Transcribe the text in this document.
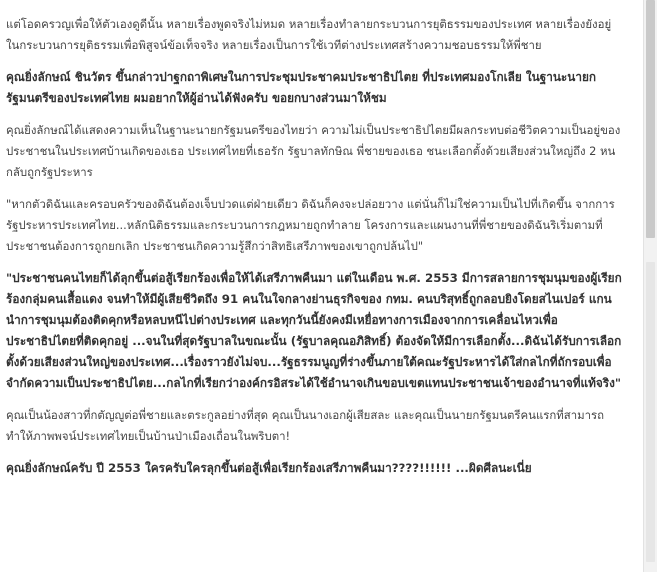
แต่โอดครวญเพื่อให้ตัวเองดูดีนั้น หลายเรื่องพูดจริงไม่หมด หลายเรื่องทำลายกระบวนการยุติธรรมของประเทศ หลายเรื่องยังอยู่ในกระบวนการยุติธรรมเพื่อพิสูจน์ข้อเท็จจริง หลายเรื่องเป็นการใช้เวทีต่างประเทศสร้างความชอบธรรมให้พี่ชาย

คุณยิ่งลักษณ์ ชินวัตร ขึ้นกล่าวปาฐกถาพิเศษในการประชุมประชาคมประชาธิปไตย ที่ประเทศมองโกเลีย ในฐานะนายกรัฐมนตรีของประเทศไทย ผมอยากให้ผู้อ่านได้ฟังครับ ขอยกบางส่วนมาให้ชม

คุณยิ่งลักษณ์ได้แสดงความเห็นในฐานะนายกรัฐมนตรีของไทยว่า ความไม่เป็นประชาธิปไตยมีผลกระทบต่อชีวิตความเป็นอยู่ของประชาชนในประเทศบ้านเกิดของเธอ ประเทศไทยที่เธอรัก รัฐบาลทักษิณ พี่ชายของเธอ ชนะเลือกตั้งด้วยเสียงส่วนใหญ่ถึง 2 หน กลับถูกรัฐประหาร

"หากตัวดิฉันและครอบครัวของดิฉันต้องเจ็บปวดแต่ฝ่ายเดียว ดิฉันก็คงจะปล่อยวาง แต่นั่นก็ไม่ใช่ความเป็นไปที่เกิดขึ้น จากการรัฐประหารประเทศไทย...หลักนิติธรรมและกระบวนการกฎหมายถูกทำลาย โครงการและแผนงานที่พี่ชายของดิฉันริเริ่มตามที่ประชาชนต้องการถูกยกเลิก ประชาชนเกิดความรู้สึกว่าสิทธิเสรีภาพของเขาถูกปล้นไป"

"ประชาชนคนไทยก็ได้ลุกขึ้นต่อสู้เรียกร้องเพื่อให้ได้เสรีภาพคืนมา แต่ในเดือน พ.ศ. 2553 มีการสลายการชุมนุมของผู้เรียกร้องกลุ่มคนเสื้อแดง จนทำให้มีผู้เสียชีวิตถึง 91 คนในใจกลางย่านธุรกิจของ กทม. คนบริสุทธิ์ถูกลอบยิงโดยสไนเปอร์ แกนนำการชุมนุมต้องติดคุกหรือหลบหนีไปต่างประเทศ และทุกวันนี้ยังคงมีเหยื่อทางการเมืองจากการเคลื่อนไหวเพื่อประชาธิปไตยที่ติดคุกอยู่ ...จนในที่สุดรัฐบาลในขณะนั้น (รัฐบาลคุณอภิสิทธิ์) ต้องจัดให้มีการเลือกตั้ง...ดิฉันได้รับการเลือกตั้งด้วยเสียงส่วนใหญ่ของประเทศ...เรื่องราวยังไม่จบ...รัฐธรรมนูญที่ร่างขึ้นภายใต้คณะรัฐประหารได้ใส่กลไกที่ถักรอบเพื่อจำกัดความเป็นประชาธิปไตย...กลไกที่เรียกว่าองค์กรอิสระได้ใช้อำนาจเกินขอบเขตแทนประชาชนเจ้าของอำนาจที่แท้จริง"

คุณเป็นน้องสาวที่กตัญญูต่อพี่ชายและตระกูลอย่างที่สุด คุณเป็นนางเอกผู้เสียสละ และคุณเป็นนายกรัฐมนตรีคนแรกที่สามารถทำให้ภาพพจน์ประเทศไทยเป็นบ้านป่าเมืองเถื่อนในพริบตา!

คุณยิ่งลักษณ์ครับ ปี 2553 ใครครับใครลุกขึ้นต่อสู้เพื่อเรียกร้องเสรีภาพคืนมา????!!!!!! ...ผิดศีลนะเนี่ย
